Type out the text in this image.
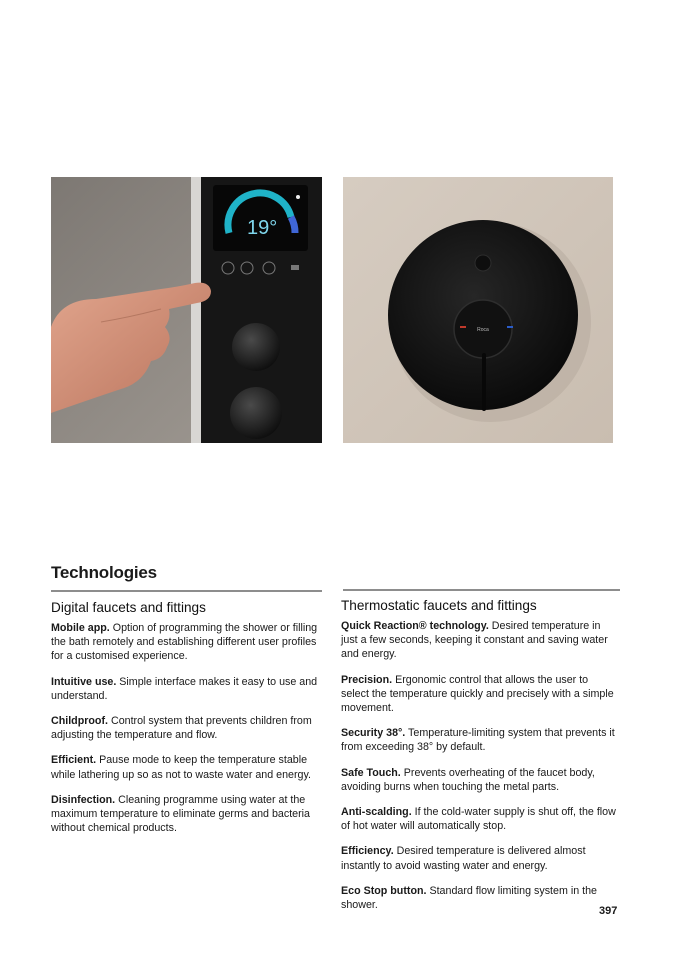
19°
Roca
Technologies
Digital faucets and fittings

Mobile app. Option of programming the shower or filling the bath remotely and establishing different user profiles for a customised experience.

Intuitive use. Simple interface makes it easy to use and understand.

Childproof. Control system that prevents children from adjusting the temperature and flow.

Efficient. Pause mode to keep the temperature stable while lathering up so as not to waste water and energy.

Disinfection. Cleaning programme using water at the maximum temperature to eliminate germs and bacteria without chemical products.

Thermostatic faucets and fittings

Quick Reaction® technology. Desired temperature in just a few seconds, keeping it constant and saving water and energy.

Precision. Ergonomic control that allows the user to select the temperature quickly and precisely with a simple movement.

Security 38°. Temperature-limiting system that prevents it from exceeding 38° by default.

Safe Touch. Prevents overheating of the faucet body, avoiding burns when touching the metal parts.

Anti-scalding. If the cold-water supply is shut off, the flow of hot water will automatically stop.

Efficiency. Desired temperature is delivered almost instantly to avoid wasting water and energy.

Eco Stop button. Standard flow limiting system in the shower.	397
